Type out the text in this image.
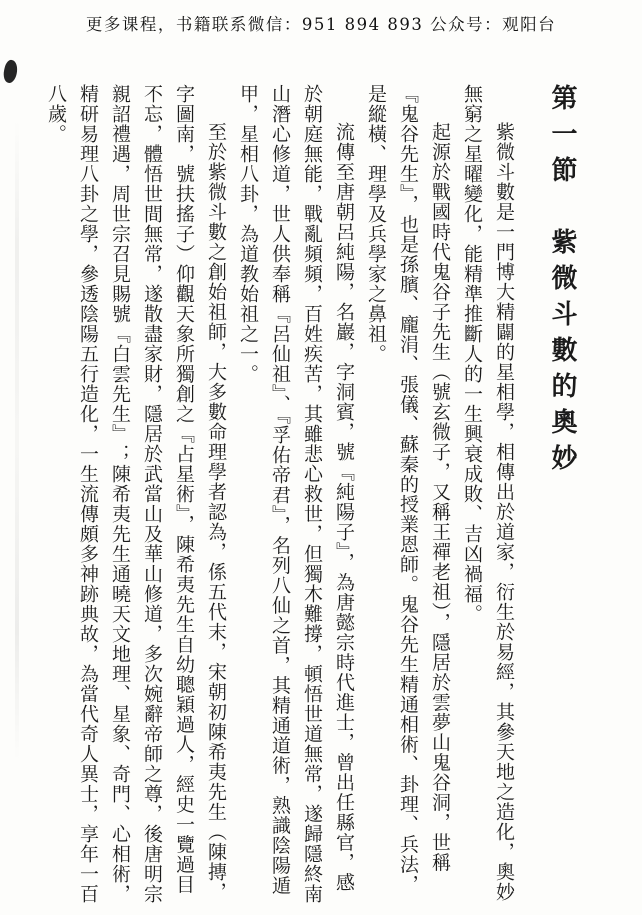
更多课程，书籍联系微信：951 894 893 公众号：观阳台
第一節　紫微斗數的奧妙

紫微斗數是一門博大精闢的星相學，相傳出於道家，衍生於易經，其參天地之造化，奧妙無窮之星曜變化，能精準推斷人的一生興衰成敗、吉凶禍福。

起源於戰國時代鬼谷子先生（號玄微子，又稱王禪老祖），隱居於雲夢山鬼谷洞，世稱『鬼谷先生』，也是孫臏、龐涓、張儀、蘇秦的授業恩師。鬼谷先生精通相術、卦理、兵法，是縱橫、理學及兵學家之鼻祖。

流傳至唐朝呂純陽，名巖，字洞賓，號『純陽子』，為唐懿宗時代進士，曾出任縣官，感於朝庭無能，戰亂頻頻，百姓疾苦，其雖悲心救世，但獨木難撐，頓悟世道無常，遂歸隱終南山潛心修道，世人供奉稱『呂仙祖』、『孚佑帝君』，名列八仙之首，其精通道術，熟識陰陽遁甲，星相八卦，為道教始祖之一。

至於紫微斗數之創始祖師，大多數命理學者認為，係五代末，宋朝初陳希夷先生（陳摶，字圖南，號扶搖子）仰觀天象所獨創之『占星術』，陳希夷先生自幼聰穎過人，經史一覽過目不忘，體悟世間無常，遂散盡家財，隱居於武當山及華山修道，多次婉辭帝師之尊，後唐明宗親詔禮遇，周世宗召見賜號『白雲先生』；陳希夷先生通曉天文地理、星象、奇門、心相術，精研易理八卦之學，參透陰陽五行造化，一生流傳頗多神跡典故，為當代奇人異士，享年一百八歲。
